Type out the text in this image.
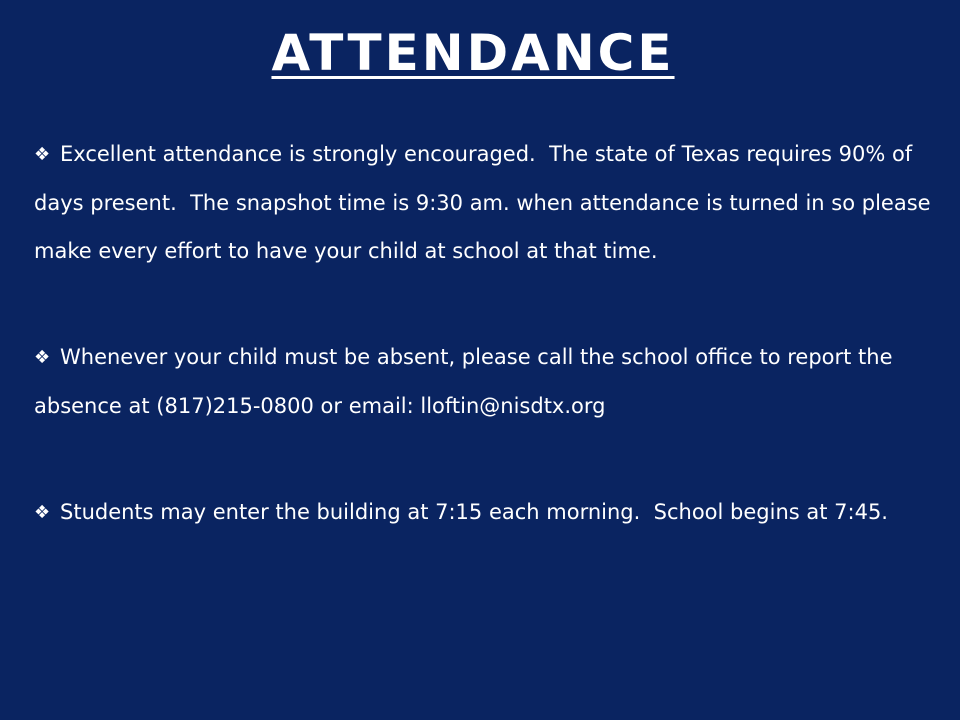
ATTENDANCE
❖ Excellent attendance is strongly encouraged.  The state of Texas requires 90% of days present.  The snapshot time is 9:30 am. when attendance is turned in so please make every effort to have your child at school at that time.
❖ Whenever your child must be absent, please call the school office to report the absence at (817)215-0800 or email: lloftin@nisdtx.org
❖ Students may enter the building at 7:15 each morning.  School begins at 7:45.
